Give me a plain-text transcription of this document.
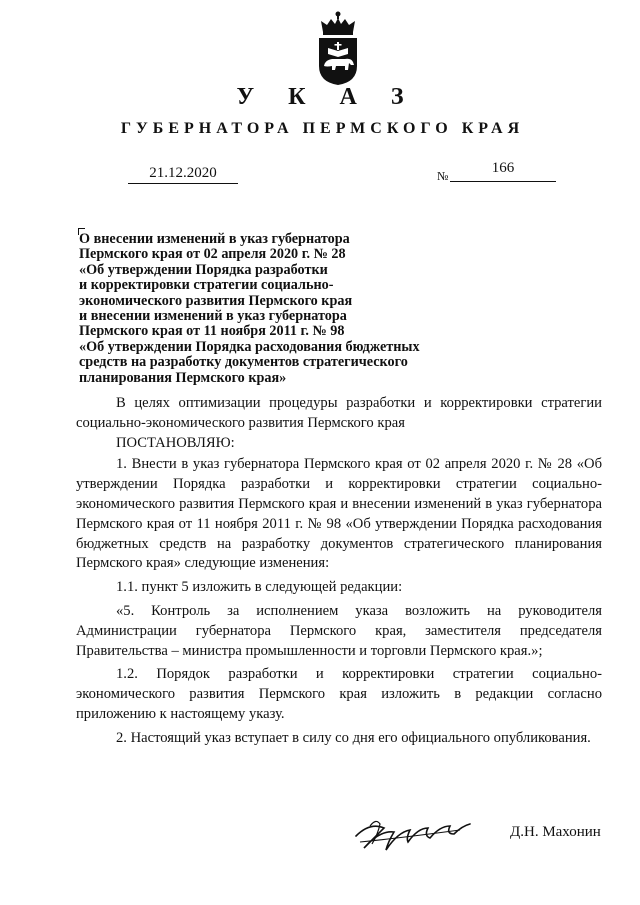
У К А З
ГУБЕРНАТОРА ПЕРМСКОГО КРАЯ
21.12.2020	№	166
О внесении изменений в указ губернатора
Пермского края от 02 апреля 2020 г. № 28
«Об утверждении Порядка разработки
и корректировки стратегии социально-
экономического развития Пермского края
и внесении изменений в указ губернатора
Пермского края от 11 ноября 2011 г. № 98
«Об утверждении Порядка расходования бюджетных
средств на разработку документов стратегического
планирования Пермского края»

В целях оптимизации процедуры разработки и корректировки стратегии социально-экономического развития Пермского края

ПОСТАНОВЛЯЮ:

1. Внести в указ губернатора Пермского края от 02 апреля 2020 г. № 28 «Об утверждении Порядка разработки и корректировки стратегии социально-экономического развития Пермского края и внесении изменений в указ губернатора Пермского края от 11 ноября 2011 г. № 98 «Об утверждении Порядка расходования бюджетных средств на разработку документов стратегического планирования Пермского края» следующие изменения:

1.1. пункт 5 изложить в следующей редакции:

«5. Контроль за исполнением указа возложить на руководителя Администрации губернатора Пермского края, заместителя председателя Правительства – министра промышленности и торговли Пермского края.»;

1.2. Порядок разработки и корректировки стратегии социально-экономического развития Пермского края изложить в редакции согласно приложению к настоящему указу.

2. Настоящий указ вступает в силу со дня его официального опубликования.

Д.Н. Махонин
